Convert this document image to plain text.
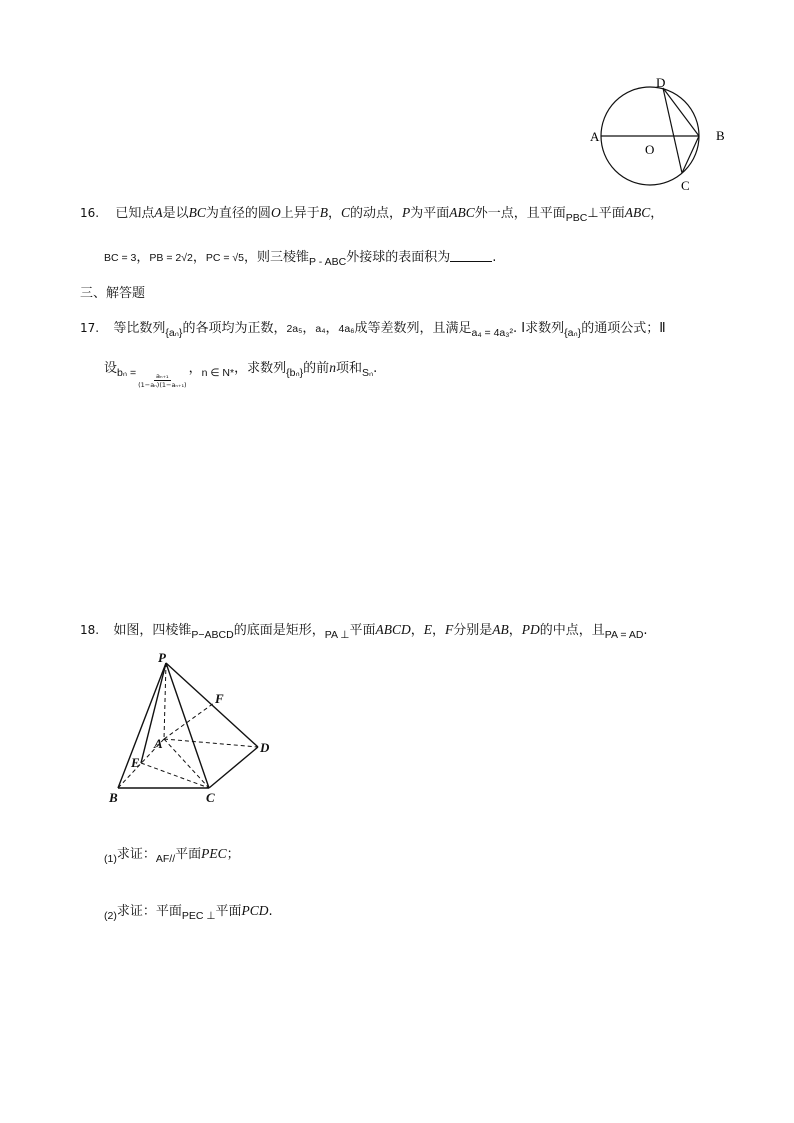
D
A	B
O
C
16. 已知点A是以BC为直径的圆O上异于B，C的动点，P为平面ABC外一点，且平面$_{PBC}$⊥平面ABC，
BC = 3，PB = 2√2，PC = √5，则三棱锥$_{P - ABC}$外接球的表面积为	.
三、解答题
17. 等比数列$_{\{a_n\}}$的各项均为正数，2a₅，a₄，4a₆成等差数列，且满足$_{a_4 = 4a_3^2}$. Ⅰ求数列$_{\{a_n\}}$的通项公式；Ⅱ
设$_{b_n =} \frac{\text{aₙ₊₁}}{\text{(1−aₙ)(1−aₙ₊₁)}}$
，$_{n \in N*}$，求数列$_{\{b_n\}}$的前n项和$_{S_n}$.
18. 如图，四棱锥$_{P-ABCD}$的底面是矩形，$_{PA \perp}$平面ABCD，E，F分别是AB，PD的中点，且$_{PA = AD}$.
P
F
A	D
E
B	C
$_{(1)}$求证：$_{AF//}$平面PEC；
$_{(2)}$求证：平面$_{PEC \perp}$平面PCD.
